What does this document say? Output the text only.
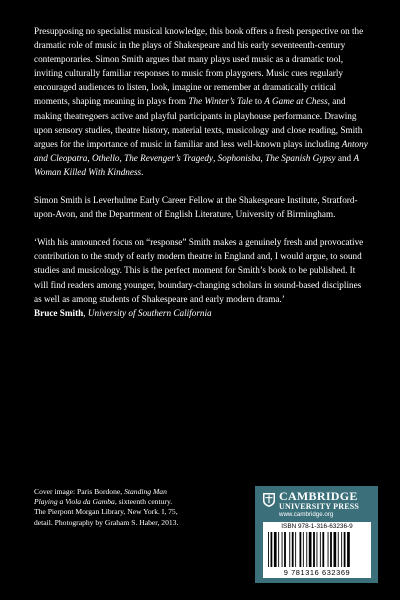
Presupposing no specialist musical knowledge, this book offers a fresh perspective on the dramatic role of music in the plays of Shakespeare and his early seventeenth-century contemporaries. Simon Smith argues that many plays used music as a dramatic tool, inviting culturally familiar responses to music from playgoers. Music cues regularly encouraged audiences to listen, look, imagine or remember at dramatically critical moments, shaping meaning in plays from The Winter’s Tale to A Game at Chess, and making theatregoers active and playful participants in playhouse performance. Drawing upon sensory studies, theatre history, material texts, musicology and close reading, Smith argues for the importance of music in familiar and less well-known plays including Antony and Cleopatra, Othello, The Revenger’s Tragedy, Sophonisba, The Spanish Gypsy and A Woman Killed With Kindness.

Simon Smith is Leverhulme Early Career Fellow at the Shakespeare Institute, Stratford-upon-Avon, and the Department of English Literature, University of Birmingham.

‘With his announced focus on “response” Smith makes a genuinely fresh and provocative contribution to the study of early modern theatre in England and, I would argue, to sound studies and musicology. This is the perfect moment for Smith’s book to be published. It will find readers among younger, boundary-changing scholars in sound-based disciplines as well as among students of Shakespeare and early modern drama.’
Bruce Smith, University of Southern California

Cover image: Paris Bordone, Standing Man Playing a Viola da Gamba, sixteenth century. The Pierpont Morgan Library, New York. I, 75, detail. Photography by Graham S. Haber, 2013.
CAMBRIDGE
UNIVERSITY PRESS
www.cambridge.org
ISBN 978-1-316-63236-9
9 781316 632369
